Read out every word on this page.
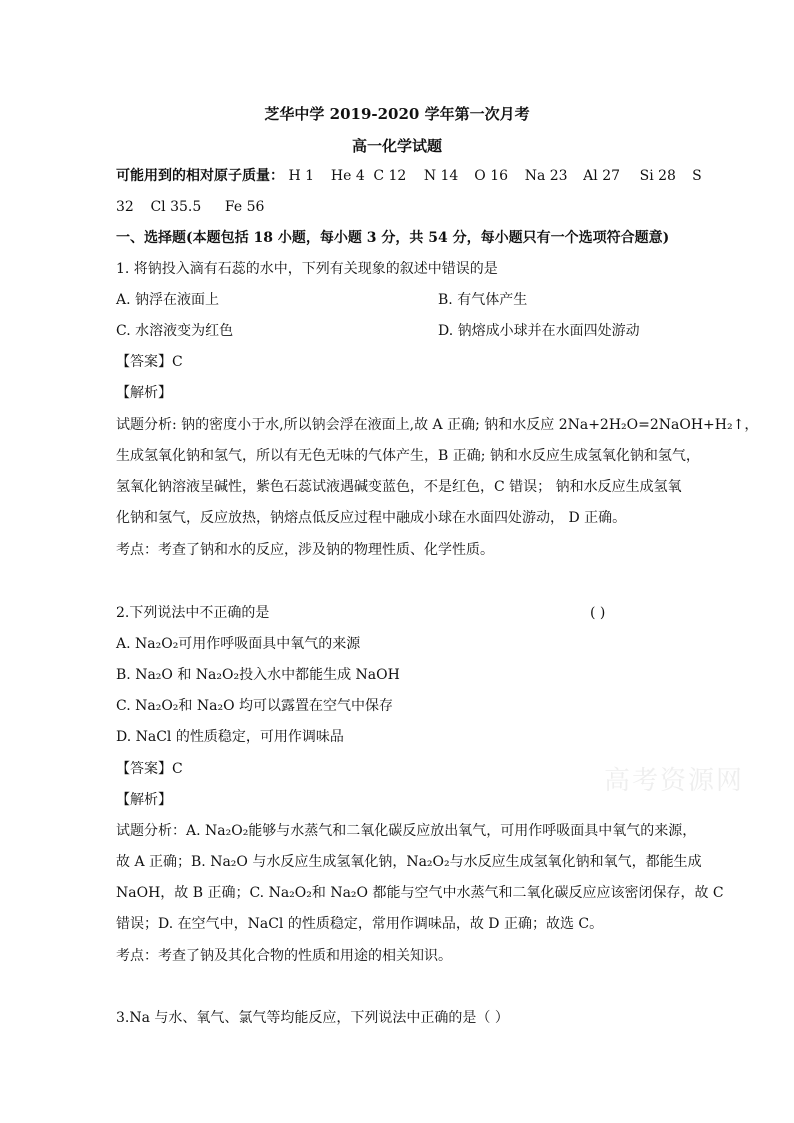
芝华中学 2019-2020 学年第一次月考
高一化学试题
可能用到的相对原子质量： H 1 He 4 C 12 N 14 O 16 Na 23 Al 27 Si 28 S
32 Cl 35.5 Fe 56
一、选择题(本题包括 18 小题，每小题 3 分，共 54 分，每小题只有一个选项符合题意)
1. 将钠投入滴有石蕊的水中，下列有关现象的叙述中错误的是
A. 钠浮在液面上	B. 有气体产生
C. 水溶液变为红色	D. 钠熔成小球并在水面四处游动
【答案】C
【解析】
试题分析: 钠的密度小于水,所以钠会浮在液面上,故 A 正确; 钠和水反应 2Na+2H₂O=2NaOH+H₂↑，
生成氢氧化钠和氢气，所以有无色无味的气体产生，B 正确; 钠和水反应生成氢氧化钠和氢气，
氢氧化钠溶液呈碱性，紫色石蕊试液遇碱变蓝色，不是红色，C 错误； 钠和水反应生成氢氧
化钠和氢气，反应放热，钠熔点低反应过程中融成小球在水面四处游动， D 正确。
考点：考查了钠和水的反应，涉及钠的物理性质、化学性质。
2.下列说法中不正确的是	( )
A. Na₂O₂可用作呼吸面具中氧气的来源
B. Na₂O 和 Na₂O₂投入水中都能生成 NaOH
C. Na₂O₂和 Na₂O 均可以露置在空气中保存
D. NaCl 的性质稳定，可用作调味品
【答案】C
【解析】
试题分析：A. Na₂O₂能够与水蒸气和二氧化碳反应放出氧气，可用作呼吸面具中氧气的来源，
故 A 正确；B. Na₂O 与水反应生成氢氧化钠，Na₂O₂与水反应生成氢氧化钠和氧气，都能生成
NaOH，故 B 正确；C. Na₂O₂和 Na₂O 都能与空气中水蒸气和二氧化碳反应应该密闭保存，故 C
错误；D. 在空气中，NaCl 的性质稳定，常用作调味品，故 D 正确；故选 C。
考点：考查了钠及其化合物的性质和用途的相关知识。
3.Na 与水、氧气、氯气等均能反应，下列说法中正确的是（ ）
高考资源网
